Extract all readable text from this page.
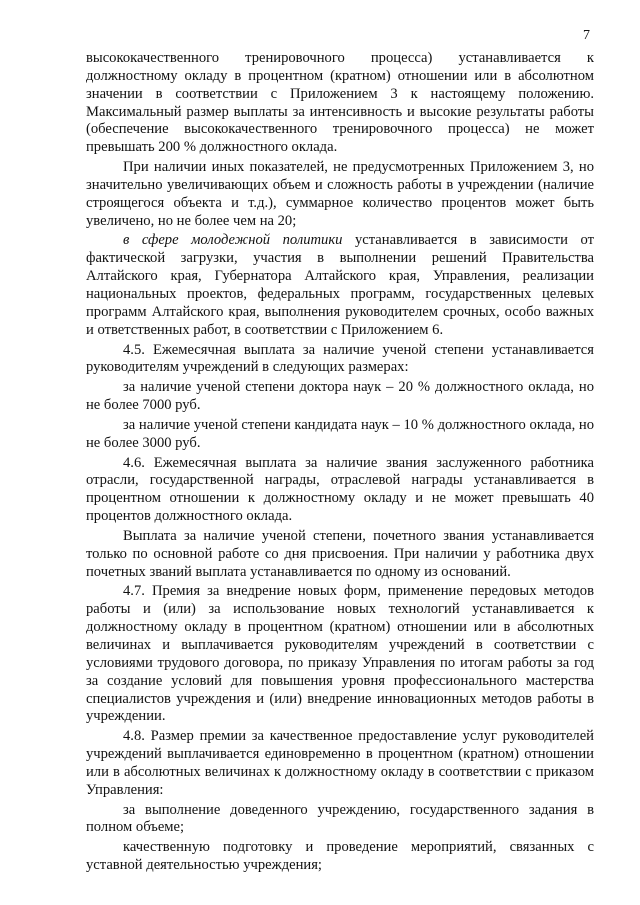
7

высококачественного тренировочного процесса) устанавливается к должностному окладу в процентном (кратном) отношении или в абсолютном значении в соответствии с Приложением 3 к настоящему положению. Максимальный размер выплаты за интенсивность и высокие результаты работы (обеспечение высококачественного тренировочного процесса) не может превышать 200 % должностного оклада.

При наличии иных показателей, не предусмотренных Приложением 3, но значительно увеличивающих объем и сложность работы в учреждении (наличие строящегося объекта и т.д.), суммарное количество процентов может быть увеличено, но не более чем на 20;

в сфере молодежной политики устанавливается в зависимости от фактической загрузки, участия в выполнении решений Правительства Алтайского края, Губернатора Алтайского края, Управления, реализации национальных проектов, федеральных программ, государственных целевых программ Алтайского края, выполнения руководителем срочных, особо важных и ответственных работ, в соответствии с Приложением 6.

4.5. Ежемесячная выплата за наличие ученой степени устанавливается руководителям учреждений в следующих размерах:

за наличие ученой степени доктора наук – 20 % должностного оклада, но не более 7000 руб.

за наличие ученой степени кандидата наук – 10 % должностного оклада, но не более 3000 руб.

4.6. Ежемесячная выплата за наличие звания заслуженного работника отрасли, государственной награды, отраслевой награды устанавливается в процентном отношении к должностному окладу и не может превышать 40 процентов должностного оклада.

Выплата за наличие ученой степени, почетного звания устанавливается только по основной работе со дня присвоения. При наличии у работника двух почетных званий выплата устанавливается по одному из оснований.

4.7. Премия за внедрение новых форм, применение передовых методов работы и (или) за использование новых технологий устанавливается к должностному окладу в процентном (кратном) отношении или в абсолютных величинах и выплачивается руководителям учреждений в соответствии с условиями трудового договора, по приказу Управления по итогам работы за год за создание условий для повышения уровня профессионального мастерства специалистов учреждения и (или) внедрение инновационных методов работы в учреждении.

4.8. Размер премии за качественное предоставление услуг руководителей учреждений выплачивается единовременно в процентном (кратном) отношении или в абсолютных величинах к должностному окладу в соответствии с приказом Управления:

за выполнение доведенного учреждению, государственного задания в полном объеме;

качественную подготовку и проведение мероприятий, связанных с уставной деятельностью учреждения;
